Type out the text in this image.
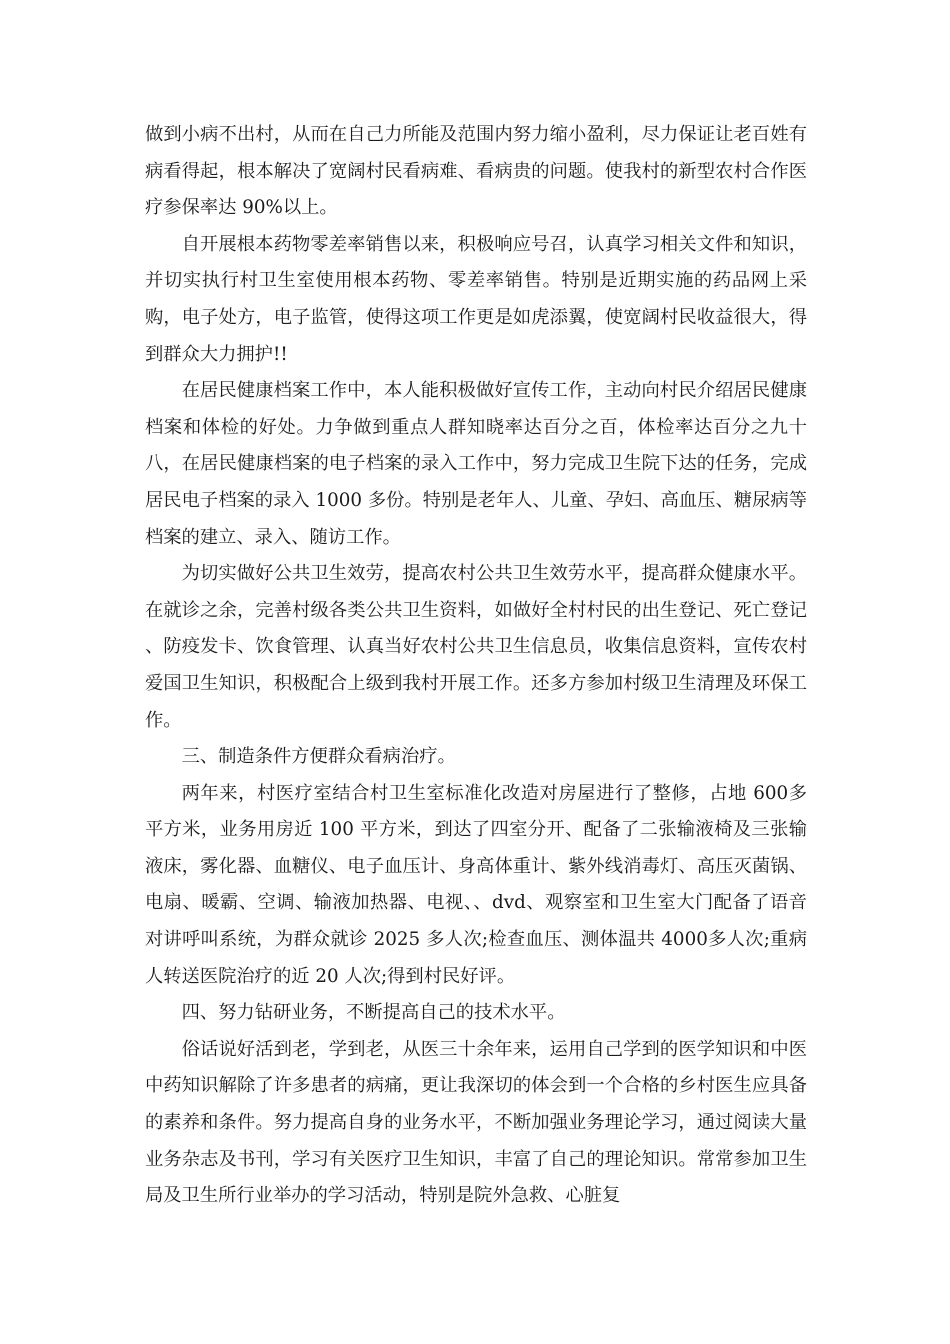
做到小病不出村，从而在自己力所能及范围内努力缩小盈利，尽力保证让老百姓有病看得起，根本解决了宽阔村民看病难、看病贵的问题。使我村的新型农村合作医疗参保率达 90%以上。

自开展根本药物零差率销售以来，积极响应号召，认真学习相关文件和知识，并切实执行村卫生室使用根本药物、零差率销售。特别是近期实施的药品网上采购，电子处方，电子监管，使得这项工作更是如虎添翼，使宽阔村民收益很大，得到群众大力拥护!!

在居民健康档案工作中，本人能积极做好宣传工作，主动向村民介绍居民健康档案和体检的好处。力争做到重点人群知晓率达百分之百，体检率达百分之九十八，在居民健康档案的电子档案的录入工作中，努力完成卫生院下达的任务，完成居民电子档案的录入 1000 多份。特别是老年人、儿童、孕妇、高血压、糖尿病等档案的建立、录入、随访工作。

为切实做好公共卫生效劳，提高农村公共卫生效劳水平，提高群众健康水平。在就诊之余，完善村级各类公共卫生资料，如做好全村村民的出生登记、死亡登记 、防疫发卡、饮食管理、认真当好农村公共卫生信息员，收集信息资料，宣传农村爱国卫生知识，积极配合上级到我村开展工作。还多方参加村级卫生清理及环保工作。

三、制造条件方便群众看病治疗。

两年来，村医疗室结合村卫生室标准化改造对房屋进行了整修，占地 600多平方米，业务用房近 100 平方米，到达了四室分开、配备了二张输液椅及三张输液床，雾化器、血糖仪、电子血压计、身高体重计、紫外线消毒灯、高压灭菌锅、电扇、暖霸、空调、输液加热器、电视、、dvd、观察室和卫生室大门配备了语音对讲呼叫系统，为群众就诊 2025 多人次;检查血压、测体温共 4000多人次;重病人转送医院治疗的近 20 人次;得到村民好评。

四、努力钻研业务，不断提高自己的技术水平。

俗话说好活到老，学到老，从医三十余年来，运用自己学到的医学知识和中医中药知识解除了许多患者的病痛，更让我深切的体会到一个合格的乡村医生应具备的素养和条件。努力提高自身的业务水平，不断加强业务理论学习，通过阅读大量业务杂志及书刊，学习有关医疗卫生知识，丰富了自己的理论知识。常常参加卫生局及卫生所行业举办的学习活动，特别是院外急救、心脏复
